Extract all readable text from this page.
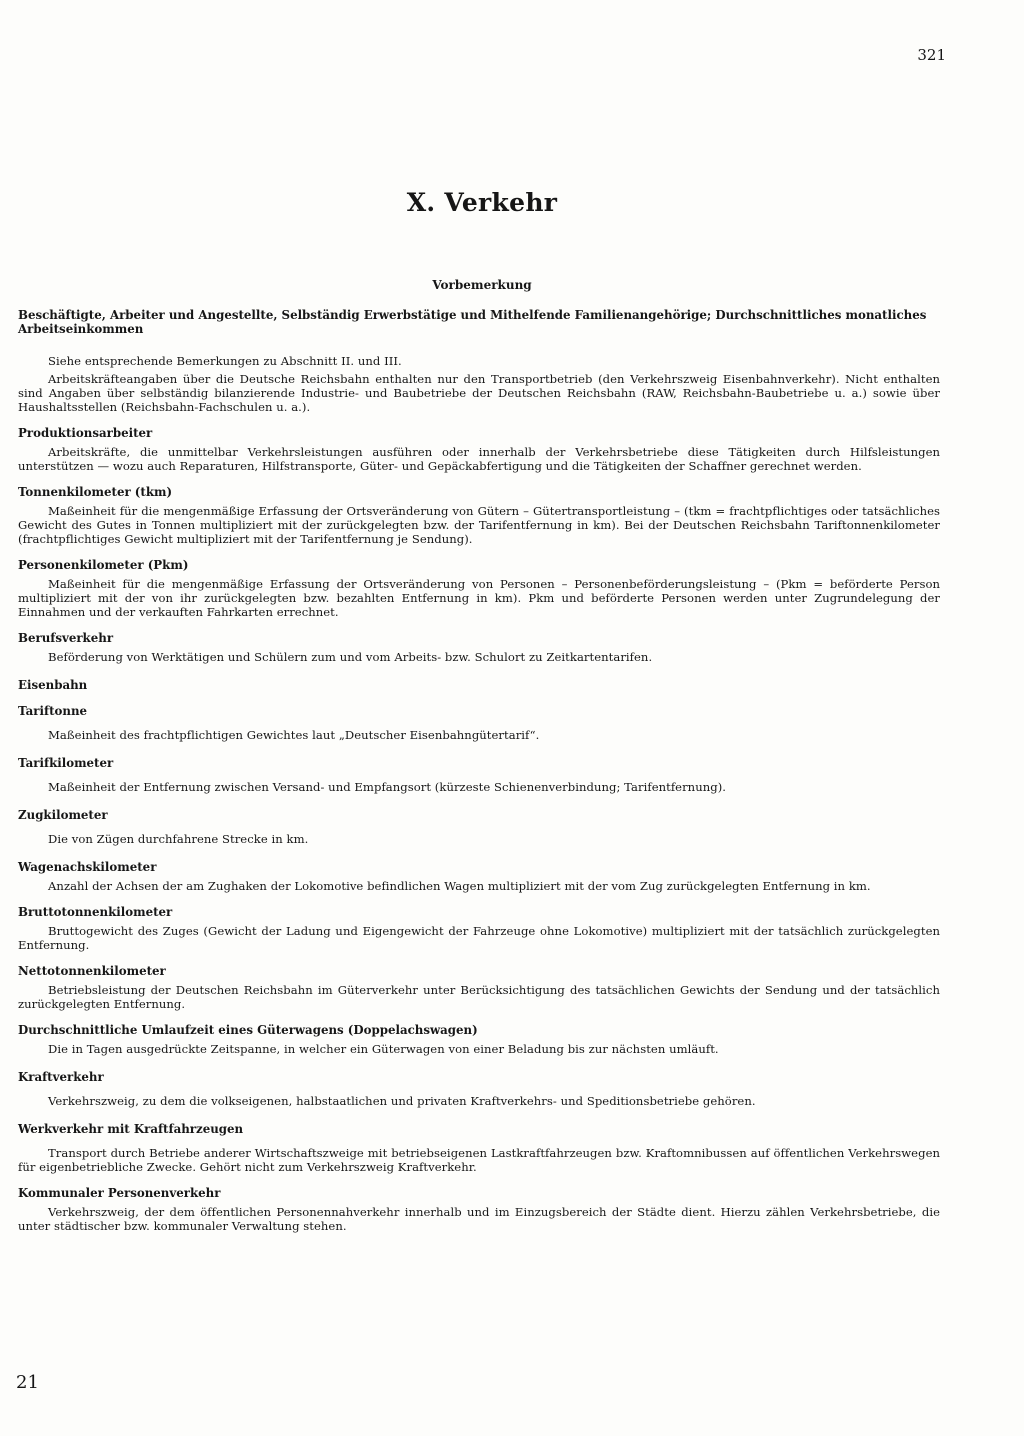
321
X. Verkehr
Vorbemerkung
Beschäftigte, Arbeiter und Angestellte, Selbständig Erwerbstätige und Mithelfende Familienangehörige; Durchschnittliches monatliches Arbeitseinkommen
Siehe entsprechende Bemerkungen zu Abschnitt II. und III.
Arbeitskräfteangaben über die Deutsche Reichsbahn enthalten nur den Transportbetrieb (den Verkehrszweig Eisenbahnverkehr). Nicht enthalten sind Angaben über selbständig bilanzierende Industrie- und Baubetriebe der Deutschen Reichsbahn (RAW, Reichsbahn-Baubetriebe u. a.) sowie über Haushaltsstellen (Reichsbahn-Fachschulen u. a.).
Produktionsarbeiter
Arbeitskräfte, die unmittelbar Verkehrsleistungen ausführen oder innerhalb der Verkehrsbetriebe diese Tätigkeiten durch Hilfsleistungen unterstützen — wozu auch Reparaturen, Hilfstransporte, Güter- und Gepäckabfertigung und die Tätigkeiten der Schaffner gerechnet werden.
Tonnenkilometer (tkm)
Maßeinheit für die mengenmäßige Erfassung der Ortsveränderung von Gütern – Gütertransportleistung – (tkm = frachtpflichtiges oder tatsächliches Gewicht des Gutes in Tonnen multipliziert mit der zurückgelegten bzw. der Tarifentfernung in km). Bei der Deutschen Reichsbahn Tariftonnenkilometer (frachtpflichtiges Gewicht multipliziert mit der Tarifentfernung je Sendung).
Personenkilometer (Pkm)
Maßeinheit für die mengenmäßige Erfassung der Ortsveränderung von Personen – Personenbeförderungsleistung – (Pkm = beförderte Person multipliziert mit der von ihr zurückgelegten bzw. bezahlten Entfernung in km). Pkm und beförderte Personen werden unter Zugrundelegung der Einnahmen und der verkauften Fahrkarten errechnet.
Berufsverkehr
Beförderung von Werktätigen und Schülern zum und vom Arbeits- bzw. Schulort zu Zeitkartentarifen.
Eisenbahn
Tariftonne
Maßeinheit des frachtpflichtigen Gewichtes laut „Deutscher Eisenbahngütertarif“.
Tarifkilometer
Maßeinheit der Entfernung zwischen Versand- und Empfangsort (kürzeste Schienenverbindung; Tarifentfernung).
Zugkilometer
Die von Zügen durchfahrene Strecke in km.
Wagenachskilometer
Anzahl der Achsen der am Zughaken der Lokomotive befindlichen Wagen multipliziert mit der vom Zug zurückgelegten Entfernung in km.
Bruttotonnenkilometer
Bruttogewicht des Zuges (Gewicht der Ladung und Eigengewicht der Fahrzeuge ohne Lokomotive) multipliziert mit der tatsächlich zurückgelegten Entfernung.
Nettotonnenkilometer
Betriebsleistung der Deutschen Reichsbahn im Güterverkehr unter Berücksichtigung des tatsächlichen Gewichts der Sendung und der tatsächlich zurückgelegten Entfernung.
Durchschnittliche Umlaufzeit eines Güterwagens (Doppelachswagen)
Die in Tagen ausgedrückte Zeitspanne, in welcher ein Güterwagen von einer Beladung bis zur nächsten umläuft.
Kraftverkehr
Verkehrszweig, zu dem die volkseigenen, halbstaatlichen und privaten Kraftverkehrs- und Speditionsbetriebe gehören.
Werkverkehr mit Kraftfahrzeugen
Transport durch Betriebe anderer Wirtschaftszweige mit betriebseigenen Lastkraftfahrzeugen bzw. Kraftomnibussen auf öffentlichen Verkehrswegen für eigenbetriebliche Zwecke. Gehört nicht zum Verkehrszweig Kraftverkehr.
Kommunaler Personenverkehr
Verkehrszweig, der dem öffentlichen Personennahverkehr innerhalb und im Einzugsbereich der Städte dient. Hierzu zählen Verkehrsbetriebe, die unter städtischer bzw. kommunaler Verwaltung stehen.
21
